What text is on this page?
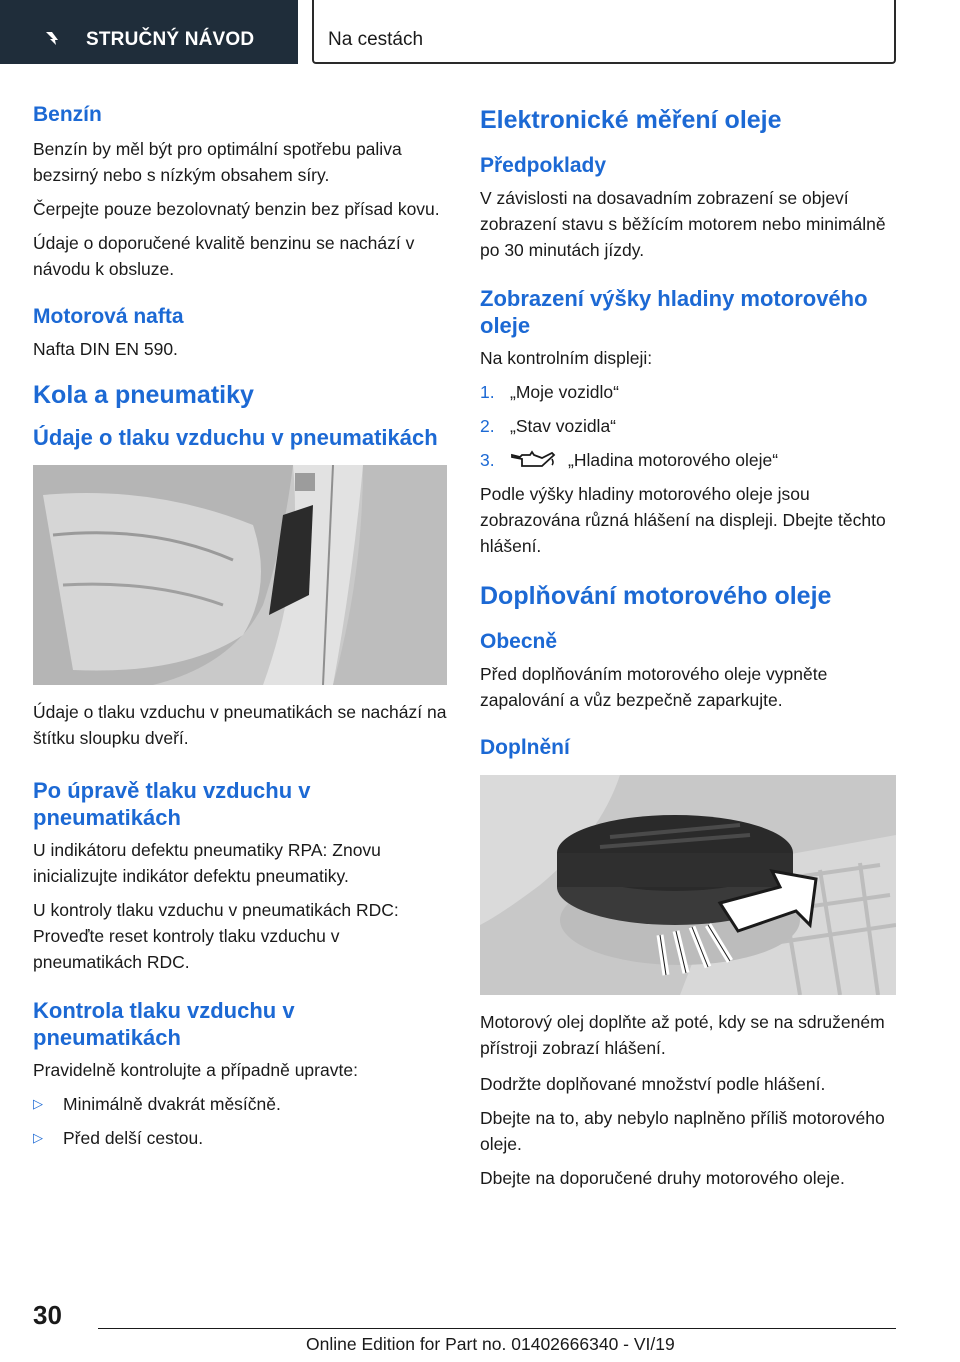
STRUČNÝ NÁVOD	Na cestách
Benzín

Benzín by měl být pro optimální spotřebu paliva bezsirný nebo s nízkým obsahem síry.

Čerpejte pouze bezolovnatý benzin bez přísad kovu.

Údaje o doporučené kvalitě benzinu se nachází v návodu k obsluze.

Motorová nafta

Nafta DIN EN 590.

Kola a pneumatiky
Údaje o tlaku vzduchu v pneumatikách

Údaje o tlaku vzduchu v pneumatikách se nachází na štítku sloupku dveří.

Po úpravě tlaku vzduchu v pneumatikách

U indikátoru defektu pneumatiky RPA: Znovu inicializujte indikátor defektu pneumatiky.

U kontroly tlaku vzduchu v pneumatikách RDC: Proveďte reset kontroly tlaku vzduchu v pneumatikách RDC.

Kontrola tlaku vzduchu v pneumatikách

Pravidelně kontrolujte a případně upravte:

▷	Minimálně dvakrát měsíčně.
▷	Před delší cestou.
Elektronické měření oleje
Předpoklady

V závislosti na dosavadním zobrazení se objeví zobrazení stavu s běžícím motorem nebo minimálně po 30 minutách jízdy.

Zobrazení výšky hladiny motorového oleje

Na kontrolním displeji:

1. „Moje vozidlo“
2. „Stav vozidla“
3.	„Hladina motorového oleje“

Podle výšky hladiny motorového oleje jsou zobrazována různá hlášení na displeji. Dbejte těchto hlášení.

Doplňování motorového oleje
Obecně

Před doplňováním motorového oleje vypněte zapalování a vůz bezpečně zaparkujte.

Doplnění

Motorový olej doplňte až poté, kdy se na sdruženém přístroji zobrazí hlášení.

Dodržte doplňované množství podle hlášení.

Dbejte na to, aby nebylo naplněno příliš motorového oleje.

Dbejte na doporučené druhy motorového oleje.

30
Online Edition for Part no. 01402666340 - VI/19
